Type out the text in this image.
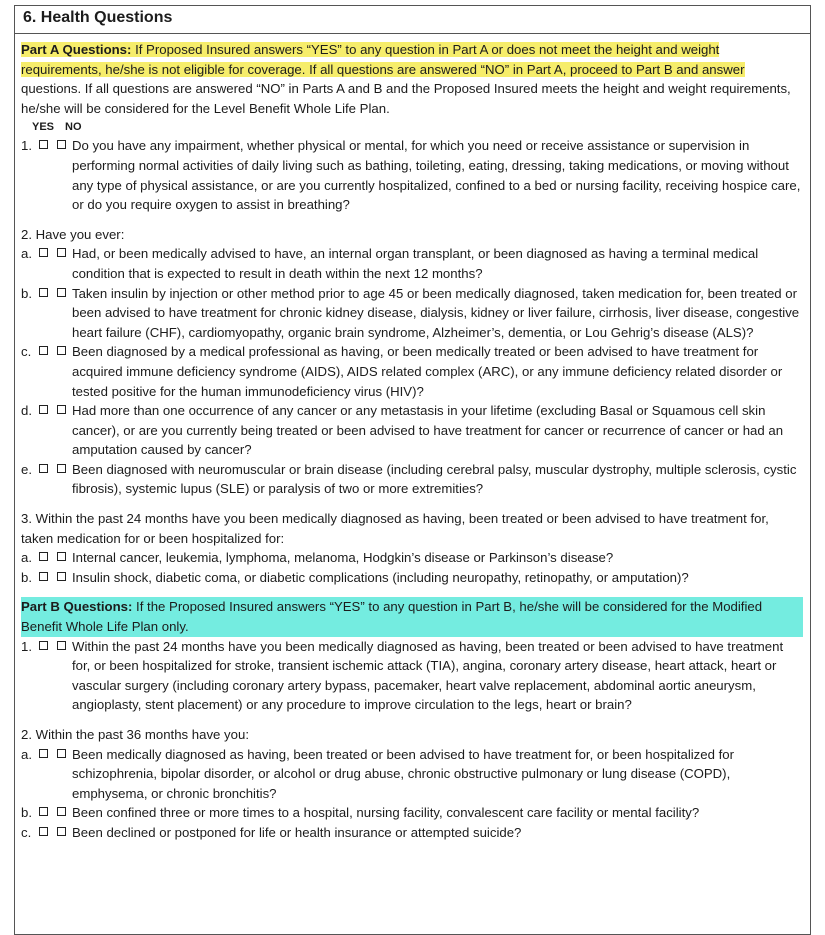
6. Health Questions

Part A Questions: If Proposed Insured answers “YES” to any question in Part A or does not meet the height and weight requirements, he/she is not eligible for coverage. If all questions are answered “NO” in Part A, proceed to Part B and answer questions. If all questions are answered “NO” in Parts A and B and the Proposed Insured meets the height and weight requirements, he/she will be considered for the Level Benefit Whole Life Plan.

YES NO
1.	Do you have any impairment, whether physical or mental, for which you need or receive assistance or supervision in performing normal activities of daily living such as bathing, toileting, eating, dressing, taking medications, or moving without any type of physical assistance, or are you currently hospitalized, confined to a bed or nursing facility, receiving hospice care, or do you require oxygen to assist in breathing?

2. Have you ever:

a.	Had, or been medically advised to have, an internal organ transplant, or been diagnosed as having a terminal medical condition that is expected to result in death within the next 12 months?
b.	Taken insulin by injection or other method prior to age 45 or been medically diagnosed, taken medication for, been treated or been advised to have treatment for chronic kidney disease, dialysis, kidney or liver failure, cirrhosis, liver disease, congestive heart failure (CHF), cardiomyopathy, organic brain syndrome, Alzheimer’s, dementia, or Lou Gehrig’s disease (ALS)?
c.	Been diagnosed by a medical professional as having, or been medically treated or been advised to have treatment for acquired immune deficiency syndrome (AIDS), AIDS related complex (ARC), or any immune deficiency related disorder or tested positive for the human immunodeficiency virus (HIV)?
d.	Had more than one occurrence of any cancer or any metastasis in your lifetime (excluding Basal or Squamous cell skin cancer), or are you currently being treated or been advised to have treatment for cancer or recurrence of cancer or had an amputation caused by cancer?
e.	Been diagnosed with neuromuscular or brain disease (including cerebral palsy, muscular dystrophy, multiple sclerosis, cystic fibrosis), systemic lupus (SLE) or paralysis of two or more extremities?

3. Within the past 24 months have you been medically diagnosed as having, been treated or been advised to have treatment for, taken medication for or been hospitalized for:

a.	Internal cancer, leukemia, lymphoma, melanoma, Hodgkin’s disease or Parkinson’s disease?
b.	Insulin shock, diabetic coma, or diabetic complications (including neuropathy, retinopathy, or amputation)?

Part B Questions: If the Proposed Insured answers “YES” to any question in Part B, he/she will be considered for the Modified Benefit Whole Life Plan only.

1.	Within the past 24 months have you been medically diagnosed as having, been treated or been advised to have treatment for, or been hospitalized for stroke, transient ischemic attack (TIA), angina, coronary artery disease, heart attack, heart or vascular surgery (including coronary artery bypass, pacemaker, heart valve replacement, abdominal aortic aneurysm, angioplasty, stent placement) or any procedure to improve circulation to the legs, heart or brain?

2. Within the past 36 months have you:

a.	Been medically diagnosed as having, been treated or been advised to have treatment for, or been hospitalized for schizophrenia, bipolar disorder, or alcohol or drug abuse, chronic obstructive pulmonary or lung disease (COPD), emphysema, or chronic bronchitis?
b.	Been confined three or more times to a hospital, nursing facility, convalescent care facility or mental facility?
c.	Been declined or postponed for life or health insurance or attempted suicide?
